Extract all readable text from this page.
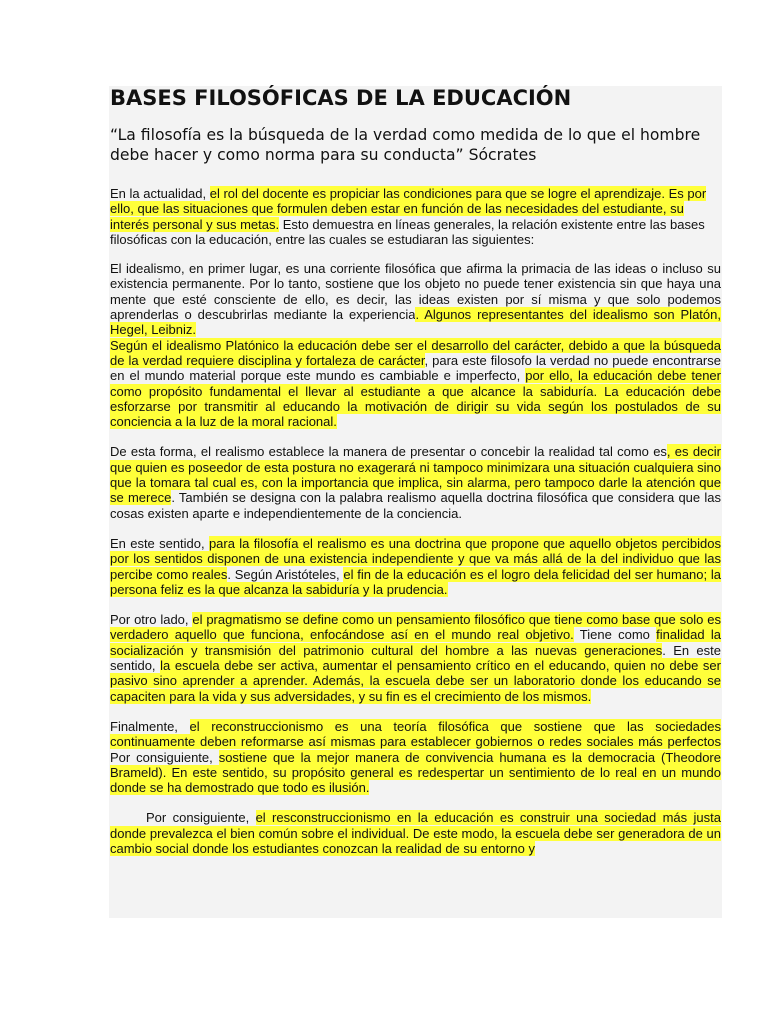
BASES FILOSÓFICAS DE LA EDUCACIÓN
“La filosofía es la búsqueda de la verdad como medida de lo que el hombre debe hacer y como norma para su conducta” Sócrates

En la actualidad, el rol del docente es propiciar las condiciones para que se logre el aprendizaje. Es por ello, que las situaciones que formulen deben estar en función de las necesidades del estudiante, su interés personal y sus metas. Esto demuestra en líneas generales, la relación existente entre las bases filosóficas con la educación, entre las cuales se estudiaran las siguientes:

El idealismo, en primer lugar, es una corriente filosófica que afirma la primacia de las ideas o incluso su existencia permanente. Por lo tanto, sostiene que los objeto no puede tener existencia sin que haya una mente que esté consciente de ello, es decir, las ideas existen por sí misma y que solo podemos aprenderlas o descubrirlas mediante la experiencia. Algunos representantes del idealismo son Platón, Hegel, Leibniz.

Según el idealismo Platónico la educación debe ser el desarrollo del carácter, debido a que la búsqueda de la verdad requiere disciplina y fortaleza de carácter, para este filosofo la verdad no puede encontrarse en el mundo material porque este mundo es cambiable e imperfecto, por ello, la educación debe tener como propósito fundamental el llevar al estudiante a que alcance la sabiduría. La educación debe esforzarse por transmitir al educando la motivación de dirigir su vida según los postulados de su conciencia a la luz de la moral racional.

De esta forma, el realismo establece la manera de presentar o concebir la realidad tal como es, es decir que quien es poseedor de esta postura no exagerará ni tampoco minimizara una situación cualquiera sino que la tomara tal cual es, con la importancia que implica, sin alarma, pero tampoco darle la atención que se merece. También se designa con la palabra realismo aquella doctrina filosófica que considera que las cosas existen aparte e independientemente de la conciencia.

En este sentido, para la filosofía el realismo es una doctrina que propone que aquello objetos percibidos por los sentidos disponen de una existencia independiente y que va más allá de la del individuo que las percibe como reales. Según Aristóteles, el fin de la educación es el logro dela felicidad del ser humano; la persona feliz es la que alcanza la sabiduría y la prudencia.

Por otro lado, el pragmatismo se define como un pensamiento filosófico que tiene como base que solo es verdadero aquello que funciona, enfocándose así en el mundo real objetivo. Tiene como finalidad la socialización y transmisión del patrimonio cultural del hombre a las nuevas generaciones. En este sentido, la escuela debe ser activa, aumentar el pensamiento crítico en el educando, quien no debe ser pasivo sino aprender a aprender. Además, la escuela debe ser un laboratorio donde los educando se capaciten para la vida y sus adversidades, y su fin es el crecimiento de los mismos.

Finalmente, el reconstruccionismo es una teoría filosófica que sostiene que las sociedades continuamente deben reformarse así mismas para establecer gobiernos o redes sociales más perfectos Por consiguiente, sostiene que la mejor manera de convivencia humana es la democracia (Theodore Brameld). En este sentido, su propósito general es redespertar un sentimiento de lo real en un mundo donde se ha demostrado que todo es ilusión.

Por consiguiente, el resconstruccionismo en la educación es construir una sociedad más justa donde prevalezca el bien común sobre el individual. De este modo, la escuela debe ser generadora de un cambio social donde los estudiantes conozcan la realidad de su entorno y
